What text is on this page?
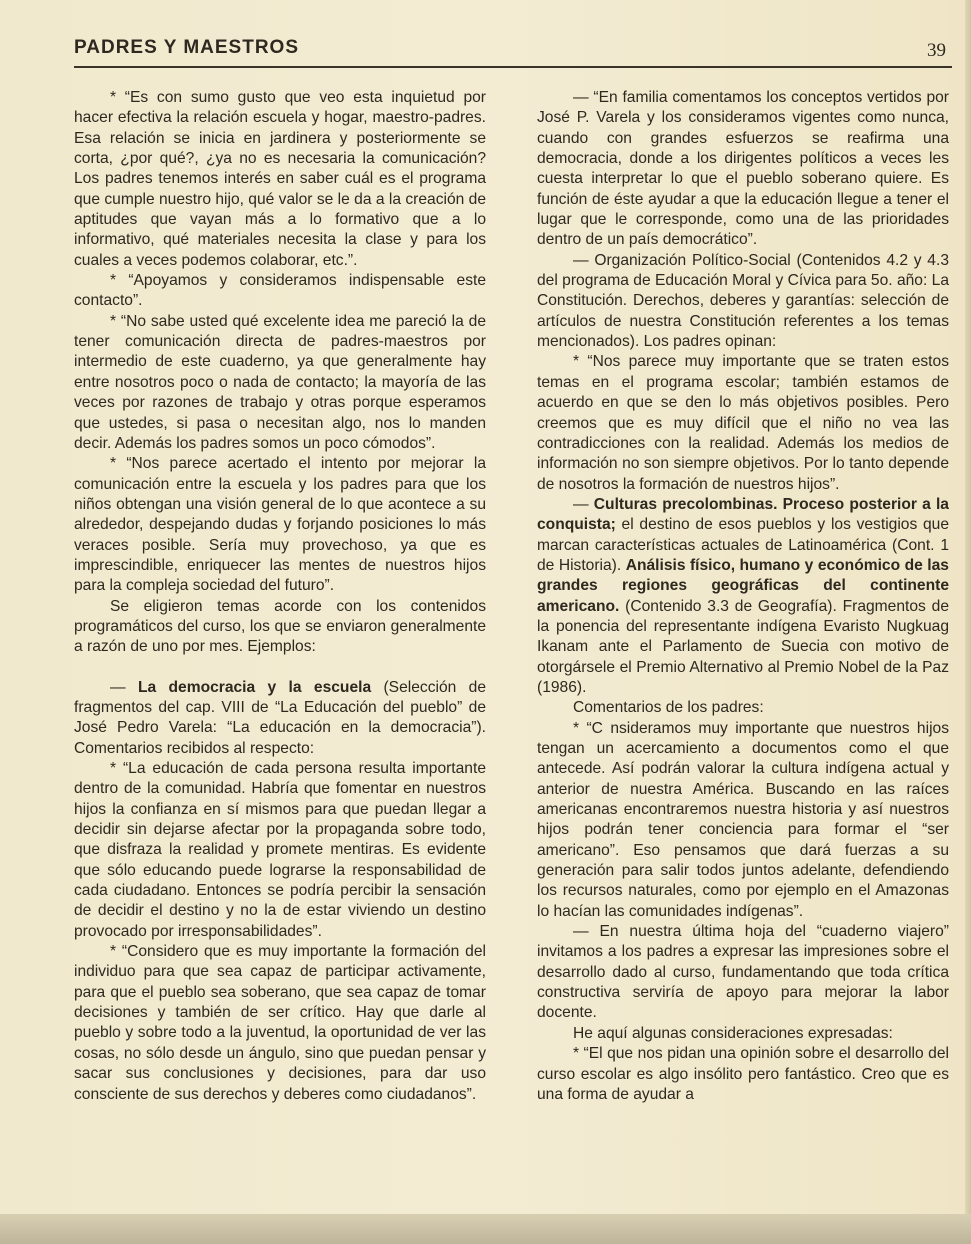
PADRES Y MAESTROS	39

* “Es con sumo gusto que veo esta inquietud por hacer efectiva la relación escuela y hogar, maestro-padres. Esa relación se inicia en jardinera y posteriormente se corta, ¿por qué?, ¿ya no es necesaria la comunicación? Los padres tenemos interés en saber cuál es el programa que cumple nuestro hijo, qué valor se le da a la creación de aptitudes que vayan más a lo formativo que a lo informativo, qué materiales necesita la clase y para los cuales a veces podemos colaborar, etc.”.

* “Apoyamos y consideramos indispensable este contacto”.

* “No sabe usted qué excelente idea me pareció la de tener comunicación directa de padres-maestros por intermedio de este cuaderno, ya que generalmente hay entre nosotros poco o nada de contacto; la mayoría de las veces por razones de trabajo y otras porque esperamos que ustedes, si pasa o necesitan algo, nos lo manden decir. Además los padres somos un poco cómodos”.

* “Nos parece acertado el intento por mejorar la comunicación entre la escuela y los padres para que los niños obtengan una visión general de lo que acontece a su alrededor, despejando dudas y forjando posiciones lo más veraces posible. Sería muy provechoso, ya que es imprescindible, enriquecer las mentes de nuestros hijos para la compleja sociedad del futuro”.

Se eligieron temas acorde con los contenidos programáticos del curso, los que se enviaron generalmente a razón de uno por mes. Ejemplos:

— La democracia y la escuela (Selección de fragmentos del cap. VIII de “La Educación del pueblo” de José Pedro Varela: “La educación en la democracia”). Comentarios recibidos al respecto:

* “La educación de cada persona resulta importante dentro de la comunidad. Habría que fomentar en nuestros hijos la confianza en sí mismos para que puedan llegar a decidir sin dejarse afectar por la propaganda sobre todo, que disfraza la realidad y promete mentiras. Es evidente que sólo educando puede lograrse la responsabilidad de cada ciudadano. Entonces se podría percibir la sensación de decidir el destino y no la de estar viviendo un destino provocado por irresponsabilidades”.

* “Considero que es muy importante la formación del individuo para que sea capaz de participar activamente, para que el pueblo sea soberano, que sea capaz de tomar decisiones y también de ser crítico. Hay que darle al pueblo y sobre todo a la juventud, la oportunidad de ver las cosas, no sólo desde un ángulo, sino que puedan pensar y sacar sus conclusiones y decisiones, para dar uso consciente de sus derechos y deberes como ciudadanos”.

— “En familia comentamos los conceptos vertidos por José P. Varela y los consideramos vigentes como nunca, cuando con grandes esfuerzos se reafirma una democracia, donde a los dirigentes políticos a veces les cuesta interpretar lo que el pueblo soberano quiere. Es función de éste ayudar a que la educación llegue a tener el lugar que le corresponde, como una de las prioridades dentro de un país democrático”.

— Organización Político-Social (Contenidos 4.2 y 4.3 del programa de Educación Moral y Cívica para 5o. año: La Constitución. Derechos, deberes y garantías: selección de artículos de nuestra Constitución referentes a los temas mencionados). Los padres opinan:

* “Nos parece muy importante que se traten estos temas en el programa escolar; también estamos de acuerdo en que se den lo más objetivos posibles. Pero creemos que es muy difícil que el niño no vea las contradicciones con la realidad. Además los medios de información no son siempre objetivos. Por lo tanto depende de nosotros la formación de nuestros hijos”.

— Culturas precolombinas. Proceso posterior a la conquista; el destino de esos pueblos y los vestigios que marcan características actuales de Latinoamérica (Cont. 1 de Historia). Análisis físico, humano y económico de las grandes regiones geográficas del continente americano. (Contenido 3.3 de Geografía). Fragmentos de la ponencia del representante indígena Evaristo Nugkuag Ikanam ante el Parlamento de Suecia con motivo de otorgársele el Premio Alternativo al Premio Nobel de la Paz (1986).

Comentarios de los padres:

* “C nsideramos muy importante que nuestros hijos tengan un acercamiento a documentos como el que antecede. Así podrán valorar la cultura indígena actual y anterior de nuestra América. Buscando en las raíces americanas encontraremos nuestra historia y así nuestros hijos podrán tener conciencia para formar el “ser americano”. Eso pensamos que dará fuerzas a su generación para salir todos juntos adelante, defendiendo los recursos naturales, como por ejemplo en el Amazonas lo hacían las comunidades indígenas”.

— En nuestra última hoja del “cuaderno viajero” invitamos a los padres a expresar las impresiones sobre el desarrollo dado al curso, fundamentando que toda crítica constructiva serviría de apoyo para mejorar la labor docente.

He aquí algunas consideraciones expresadas:

* “El que nos pidan una opinión sobre el desarrollo del curso escolar es algo insólito pero fantástico. Creo que es una forma de ayudar a
